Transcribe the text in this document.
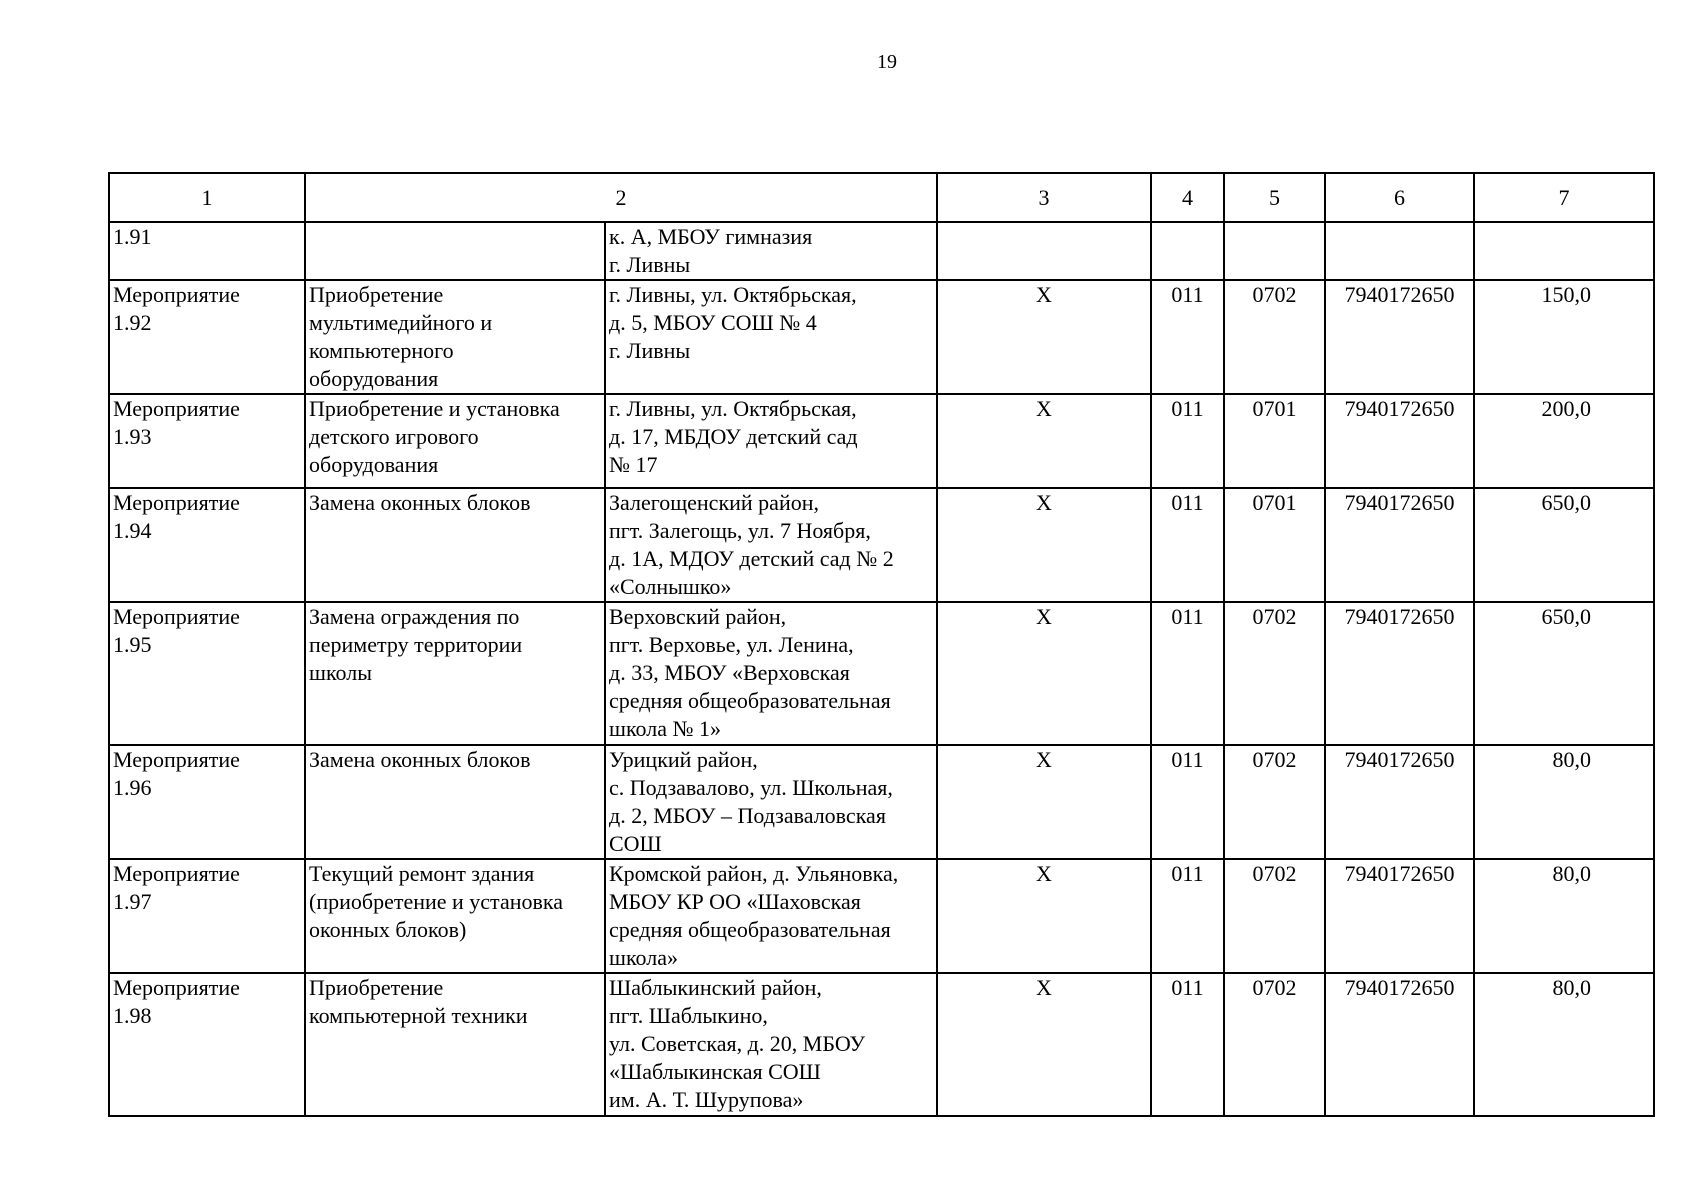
19
1	2		3	4	5	6	7
1.91		к. А, МБОУ гимназия
г. Ливны					
Мероприятие
1.92	Приобретение
мультимедийного и
компьютерного
оборудования	г. Ливны, ул. Октябрьская,
д. 5, МБОУ СОШ № 4
г. Ливны	Х	011	0702	7940172650	150,0
Мероприятие
1.93	Приобретение и установка
детского игрового
оборудования	г. Ливны, ул. Октябрьская,
д. 17, МБДОУ детский сад
№ 17	Х	011	0701	7940172650	200,0
Мероприятие
1.94	Замена оконных блоков	Залегощенский район,
пгт. Залегощь, ул. 7 Ноября,
д. 1А, МДОУ детский сад № 2
«Солнышко»	Х	011	0701	7940172650	650,0
Мероприятие
1.95	Замена ограждения по
периметру территории
школы	Верховский район,
пгт. Верховье, ул. Ленина,
д. 33, МБОУ «Верховская
средняя общеобразовательная
школа № 1»	Х	011	0702	7940172650	650,0
Мероприятие
1.96	Замена оконных блоков	Урицкий район,
с. Подзавалово, ул. Школьная,
д. 2, МБОУ – Подзаваловская
СОШ	Х	011	0702	7940172650	80,0
Мероприятие
1.97	Текущий ремонт здания
(приобретение и установка
оконных блоков)	Кромской район, д. Ульяновка,
МБОУ КР ОО «Шаховская
средняя общеобразовательная
школа»	Х	011	0702	7940172650	80,0
Мероприятие
1.98	Приобретение
компьютерной техники	Шаблыкинский район,
пгт. Шаблыкино,
ул. Советская, д. 20, МБОУ
«Шаблыкинская СОШ
им. А. Т. Шурупова»	Х	011	0702	7940172650	80,0
